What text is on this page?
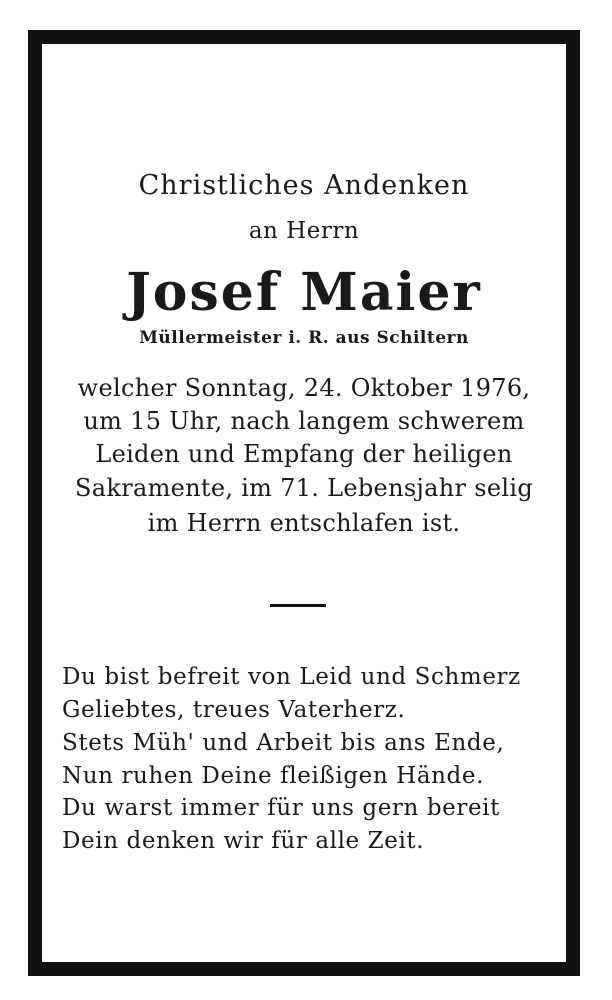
Christliches Andenken
an Herrn
Josef Maier
Müllermeister i. R. aus Schiltern
welcher Sonntag, 24. Oktober 1976,
um 15 Uhr, nach langem schwerem
Leiden und Empfang der heiligen
Sakramente, im 71. Lebensjahr selig
im Herrn entschlafen ist.
Du bist befreit von Leid und Schmerz
Geliebtes, treues Vaterherz.
Stets Müh' und Arbeit bis ans Ende,
Nun ruhen Deine fleißigen Hände.
Du warst immer für uns gern bereit
Dein denken wir für alle Zeit.
